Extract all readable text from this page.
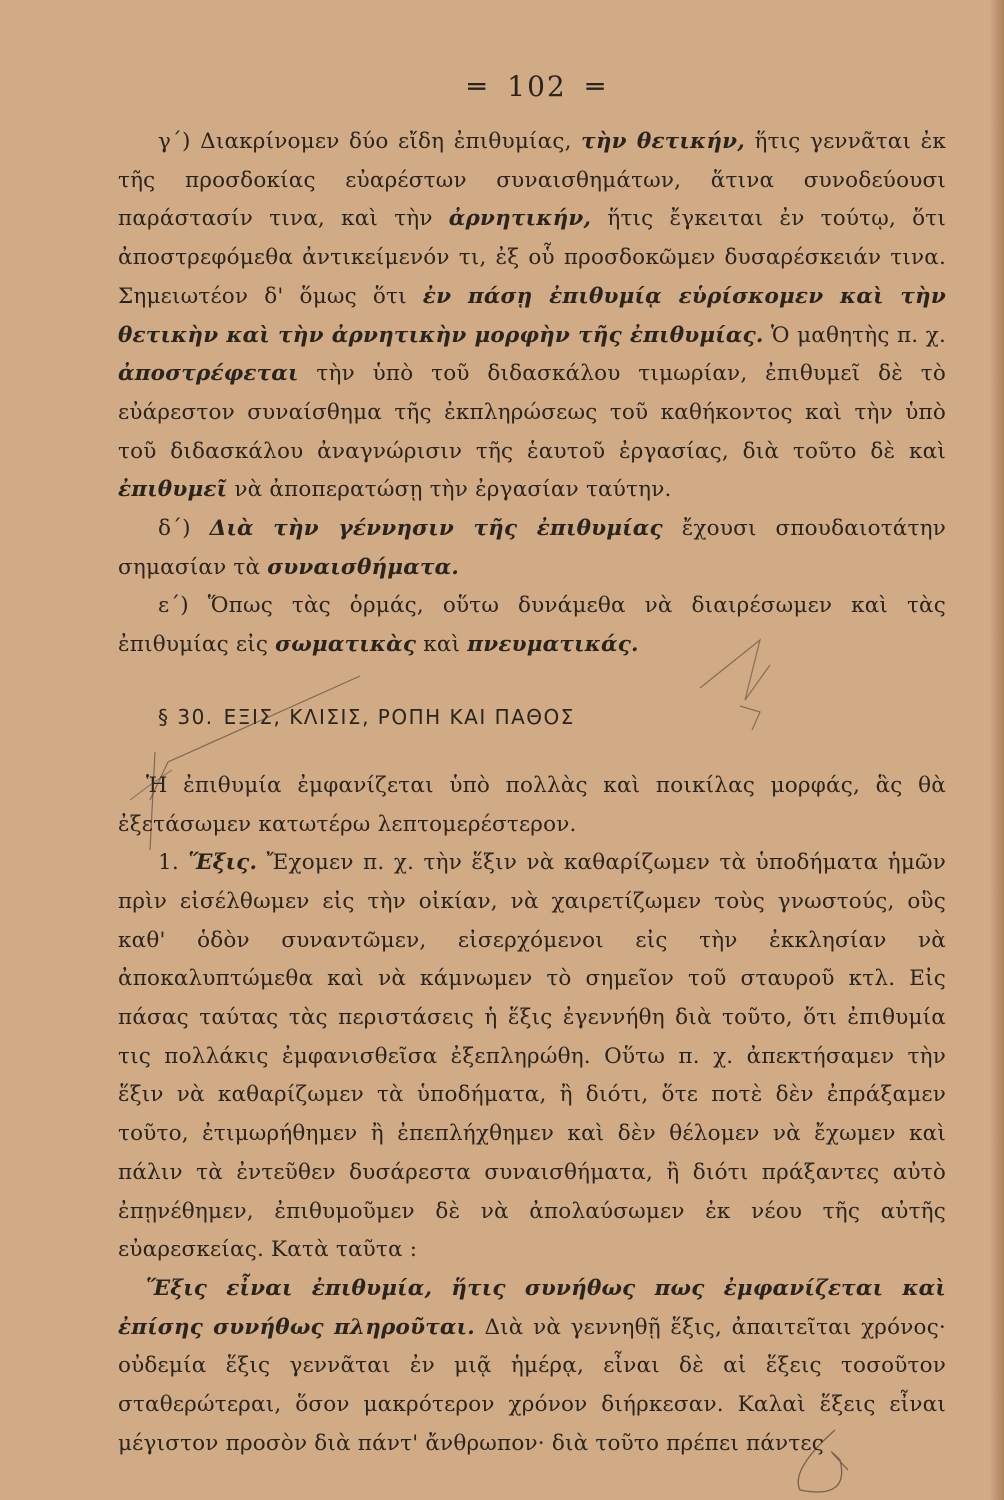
═ 102 ═

γ΄) Διακρίνομεν δύο εἴδη ἐπιθυμίας, τὴν θετικήν, ἥτις γεννᾶται ἐκ τῆς προσδοκίας εὐαρέστων συναισθημάτων, ἅτινα συνοδεύουσι παράστασίν τινα, καὶ τὴν ἀρνητικήν, ἥτις ἔγκειται ἐν τούτῳ, ὅτι ἀποστρεφόμεθα ἀντικείμενόν τι, ἐξ οὗ προσδοκῶμεν δυσαρέσκειάν τινα. Σημειωτέον δ' ὅμως ὅτι ἐν πάσῃ ἐπιθυμίᾳ εὑρίσκομεν καὶ τὴν θετικὴν καὶ τὴν ἀρνητικὴν μορφὴν τῆς ἐπιθυμίας. Ὁ μαθητὴς π. χ. ἀποστρέφεται τὴν ὑπὸ τοῦ διδασκάλου τιμωρίαν, ἐπιθυμεῖ δὲ τὸ εὐάρεστον συναίσθημα τῆς ἐκπληρώσεως τοῦ καθήκοντος καὶ τὴν ὑπὸ τοῦ διδασκάλου ἀναγνώρισιν τῆς ἑαυτοῦ ἐργασίας, διὰ τοῦτο δὲ καὶ ἐπιθυμεῖ νὰ ἀποπερατώσῃ τὴν ἐργασίαν ταύτην.

δ΄) Διὰ τὴν γέννησιν τῆς ἐπιθυμίας ἔχουσι σπουδαιοτάτην σημασίαν τὰ συναισθήματα.

ε΄) Ὅπως τὰς ὁρμάς, οὕτω δυνάμεθα νὰ διαιρέσωμεν καὶ τὰς ἐπιθυμίας εἰς σωματικὰς καὶ πνευματικάς.

§ 30. ΕΞΙΣ, ΚΛΙΣΙΣ, ΡΟΠΗ ΚΑΙ ΠΑΘΟΣ

Ἡ ἐπιθυμία ἐμφανίζεται ὑπὸ πολλὰς καὶ ποικίλας μορφάς, ἃς θὰ ἐξετάσωμεν κατωτέρω λεπτομερέστερον.

1. Ἕξις. Ἔχομεν π. χ. τὴν ἕξιν νὰ καθαρίζωμεν τὰ ὑποδήματα ἡμῶν πρὶν εἰσέλθωμεν εἰς τὴν οἰκίαν, νὰ χαιρετίζωμεν τοὺς γνωστούς, οὓς καθ' ὁδὸν συναντῶμεν, εἰσερχόμενοι εἰς τὴν ἐκκλησίαν νὰ ἀποκαλυπτώμεθα καὶ νὰ κάμνωμεν τὸ σημεῖον τοῦ σταυροῦ κτλ. Εἰς πάσας ταύτας τὰς περιστάσεις ἡ ἕξις ἐγεννήθη διὰ τοῦτο, ὅτι ἐπιθυμία τις πολλάκις ἐμφανισθεῖσα ἐξεπληρώθη. Οὕτω π. χ. ἀπεκτήσαμεν τὴν ἕξιν νὰ καθαρίζωμεν τὰ ὑποδήματα, ἢ διότι, ὅτε ποτὲ δὲν ἐπράξαμεν τοῦτο, ἐτιμωρήθημεν ἢ ἐπεπλήχθημεν καὶ δὲν θέλομεν νὰ ἔχωμεν καὶ πάλιν τὰ ἐντεῦθεν δυσάρεστα συναισθήματα, ἢ διότι πράξαντες αὐτὸ ἐπῃνέθημεν, ἐπιθυμοῦμεν δὲ νὰ ἀπολαύσωμεν ἐκ νέου τῆς αὐτῆς εὐαρεσκείας. Κατὰ ταῦτα :

Ἕξις εἶναι ἐπιθυμία, ἥτις συνήθως πως ἐμφανίζεται καὶ ἐπίσης συνήθως πληροῦται. Διὰ νὰ γεννηθῇ ἕξις, ἀπαιτεῖται χρόνος· οὐδεμία ἕξις γεννᾶται ἐν μιᾷ ἡμέρᾳ, εἶναι δὲ αἱ ἕξεις τοσοῦτον σταθερώτεραι, ὅσον μακρότερον χρόνον διήρκεσαν. Καλαὶ ἕξεις εἶναι μέγιστον προσὸν διὰ πάντ' ἄνθρωπον· διὰ τοῦτο πρέπει πάντες
